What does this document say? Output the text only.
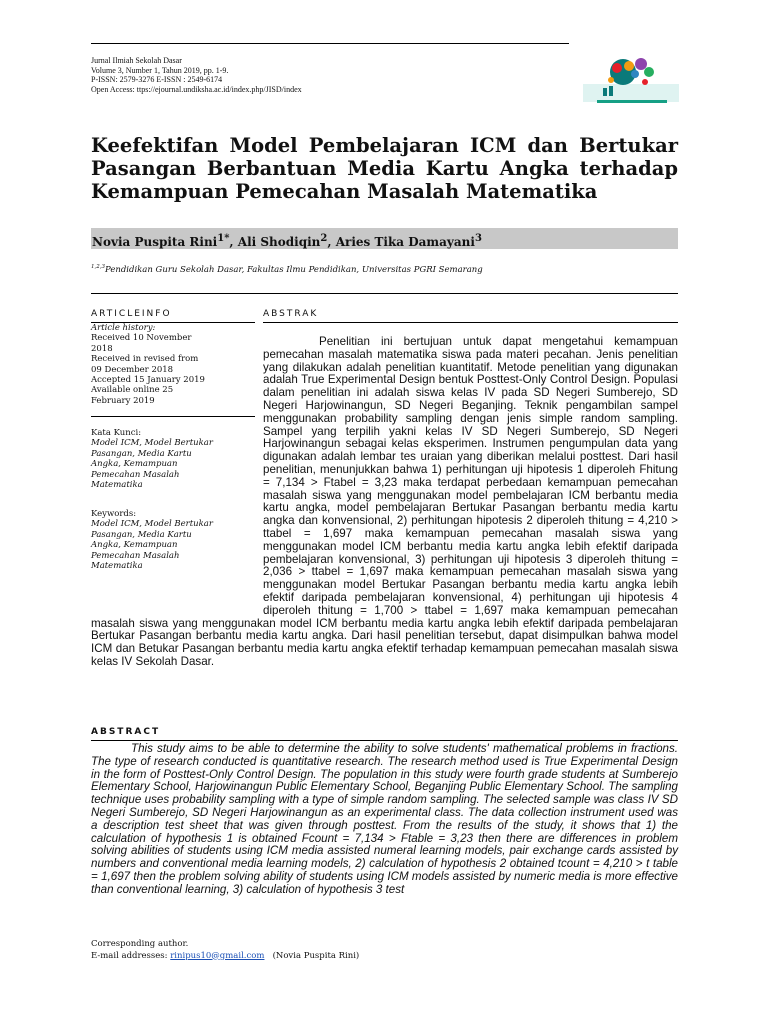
Jurnal Ilmiah Sekolah Dasar
Volume 3, Number 1, Tahun 2019, pp. 1-9.
P-ISSN: 2579-3276 E-ISSN : 2549-6174
Open Access: ttps://ejournal.undiksha.ac.id/index.php/JISD/index
Keefektifan Model Pembelajaran ICM dan Bertukar Pasangan Berbantuan Media Kartu Angka terhadap Kemampuan Pemecahan Masalah Matematika
Novia Puspita Rini$^{1*}$, Ali Shodiqin$^2$, Aries Tika Damayani$^3$
$^{1,2,3}$Pendidikan Guru Sekolah Dasar, Fakultas Ilmu Pendidikan, Universitas PGRI Semarang
ARTICLEINFO	ABSTRAK
Article history:
Received 10 November
2018
Received in revised from
09 December 2018
Accepted 15 January 2019
Available online 25
February 2019
Kata Kunci:
Model ICM, Model Bertukar
Pasangan, Media Kartu
Angka, Kemampuan
Pemecahan Masalah
Matematika
Keywords:
Model ICM, Model Bertukar
Pasangan, Media Kartu
Angka, Kemampuan
Pemecahan Masalah
Matematika
Penelitian ini bertujuan untuk dapat mengetahui kemampuan pemecahan masalah matematika siswa pada materi pecahan. Jenis penelitian yang dilakukan adalah penelitian kuantitatif. Metode penelitian yang digunakan adalah True Experimental Design bentuk Posttest-Only Control Design. Populasi dalam penelitian ini adalah siswa kelas IV pada SD Negeri Sumberejo, SD Negeri Harjowinangun, SD Negeri Beganjing. Teknik pengambilan sampel menggunakan probability sampling dengan jenis simple random sampling. Sampel yang terpilih yakni kelas IV SD Negeri Sumberejo, SD Negeri Harjowinangun sebagai kelas eksperimen. Instrumen pengumpulan data yang digunakan adalah lembar tes uraian yang diberikan melalui posttest. Dari hasil penelitian, menunjukkan bahwa 1) perhitungan uji hipotesis 1 diperoleh Fhitung = 7,134 > Ftabel = 3,23 maka terdapat perbedaan kemampuan pemecahan masalah siswa yang menggunakan model pembelajaran ICM berbantu media kartu angka, model pembelajaran Bertukar Pasangan berbantu media kartu angka dan konvensional, 2) perhitungan hipotesis 2 diperoleh thitung = 4,210 > ttabel = 1,697 maka kemampuan pemecahan masalah siswa yang menggunakan model ICM berbantu media kartu angka lebih efektif daripada pembelajaran konvensional, 3) perhitungan uji hipotesis 3 diperoleh thitung = 2,036 > ttabel = 1,697 maka kemampuan pemecahan masalah siswa yang menggunakan model Bertukar Pasangan berbantu media kartu angka lebih efektif daripada pembelajaran konvensional, 4) perhitungan uji hipotesis 4 diperoleh thitung = 1,700 > ttabel = 1,697 maka kemampuan pemecahan masalah siswa yang menggunakan model ICM berbantu media kartu angka lebih efektif daripada pembelajaran Bertukar Pasangan berbantu media kartu angka. Dari hasil penelitian tersebut, dapat disimpulkan bahwa model ICM dan Betukar Pasangan berbantu media kartu angka efektif terhadap kemampuan pemecahan masalah siswa kelas IV Sekolah Dasar.
ABSTRACT
This study aims to be able to determine the ability to solve students' mathematical problems in fractions. The type of research conducted is quantitative research. The research method used is True Experimental Design in the form of Posttest-Only Control Design. The population in this study were fourth grade students at Sumberejo Elementary School, Harjowinangun Public Elementary School, Beganjing Public Elementary School. The sampling technique uses probability sampling with a type of simple random sampling. The selected sample was class IV SD Negeri Sumberejo, SD Negeri Harjowinangun as an experimental class. The data collection instrument used was a description test sheet that was given through posttest. From the results of the study, it shows that 1) the calculation of hypothesis 1 is obtained Fcount = 7,134 > Ftable = 3,23 then there are differences in problem solving abilities of students using ICM media assisted numeral learning models, pair exchange cards assisted by numbers and conventional media learning models, 2) calculation of hypothesis 2 obtained tcount = 4,210 > t table = 1,697 then the problem solving ability of students using ICM models assisted by numeric media is more effective than conventional learning, 3) calculation of hypothesis 3 test
Corresponding author.
E-mail addresses: rinipus10@gmail.com (Novia Puspita Rini)
